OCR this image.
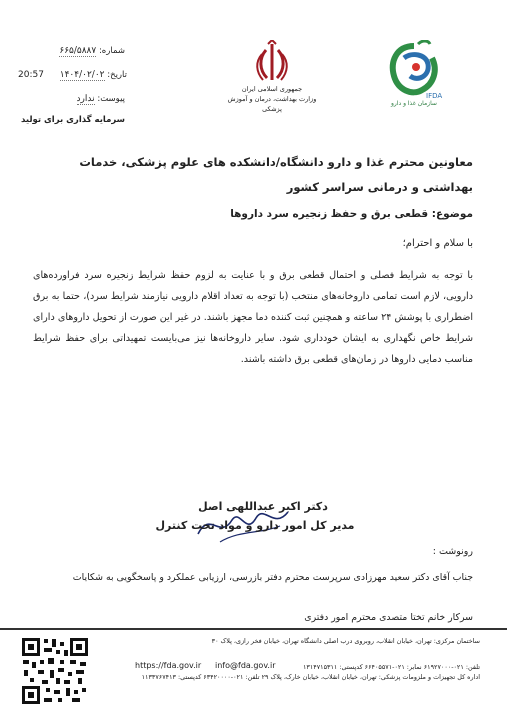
IFDA
سازمان غذا و دارو
جمهوری اسلامی ایران
وزارت بهداشت، درمان و آموزش پزشکی
شماره: ۶۶۵/۵۸۸۷
تاریخ: ۱۴۰۴/۰۲/۰۲
20:57
پیوست: ندارد
سرمایه گذاری برای تولید
معاونین محترم غذا و دارو دانشگاه/دانشکده های علوم پزشکی، خدمات بهداشتی و درمانی سراسر کشور
موضوع: قطعی برق و حفظ زنجیره سرد داروها
با سلام و احترام؛
با توجه به شرایط فصلی و احتمال قطعی برق و با عنایت به لزوم حفظ شرایط زنجیره سرد فراورده‌های دارویی، لازم است تمامی داروخانه‌های منتخب (با توجه به تعداد اقلام دارویی نیازمند شرایط سرد)، حتما به برق اضطراری با پوشش ۲۴ ساعته و همچنین ثبت کننده دما مجهز باشند. در غیر این صورت از تحویل داروهای دارای شرایط خاص نگهداری به ایشان خودداری شود. سایر داروخانه‌ها نیز می‌بایست تمهیداتی برای حفظ شرایط مناسب دمایی داروها در زمان‌های قطعی برق داشته باشند.
دکتر اکبر عبداللهی اصل
مدیر کل امور دارو و مواد تحت کنترل
رونوشت :
جناب آقای دکتر سعید مهرزادی سرپرست محترم دفتر بازرسی، ارزیابی عملکرد و پاسخگویی به شکایات
سرکار خانم تختا متصدی محترم امور دفتری
ساختمان مرکزی: تهران، خیابان انقلاب، روبروی درب اصلی دانشگاه تهران، خیابان فخر رازی، پلاک ۳۰
تلفن: ۰۲۱-۶۱۹۲۷۰۰۰ نمابر: ۰۲۱-۶۶۴۰۵۵۷۱ کدپستی: ۱۳۱۴۷۱۵۳۱۱
اداره کل تجهیزات و ملزومات پزشکی: تهران، خیابان انقلاب، خیابان خارک، پلاک ۲۹ تلفن: ۰۲۱-۶۳۴۲۰۰۰۰ کدپستی: ۱۱۳۳۷۶۷۴۱۳
https://fda.gov.ir info@fda.gov.ir
